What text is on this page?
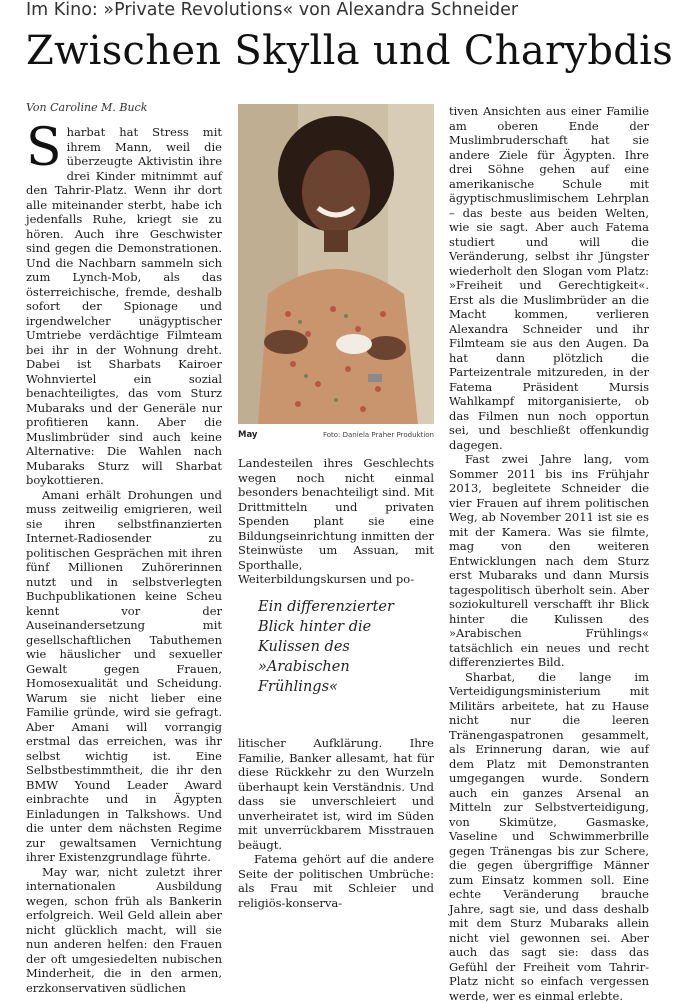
Im Kino: »Private Revolutions« von Alexandra Schneider
Zwischen Skylla und Charybdis
Von Caroline M. Buck

Sharbat hat Stress mit ihrem Mann, weil die überzeugte Aktivistin ihre drei Kinder mitnimmt auf den Tahrir-Platz. Wenn ihr dort alle miteinander sterbt, habe ich jedenfalls Ruhe, kriegt sie zu hören. Auch ihre Geschwister sind gegen die Demonstrationen. Und die Nachbarn sammeln sich zum Lynch-Mob, als das österreichische, fremde, deshalb sofort der Spionage und irgendwelcher unägyptischer Umtriebe verdächtige Filmteam bei ihr in der Wohnung dreht. Dabei ist Sharbats Kairoer Wohnviertel ein sozial benachteiligtes, das vom Sturz Mubaraks und der Generäle nur profitieren kann. Aber die Muslimbrüder sind auch keine Alternative: Die Wahlen nach Mubaraks Sturz will Sharbat boykottieren.

Amani erhält Drohungen und muss zeitweilig emigrieren, weil sie ihren selbstfinanzierten Internet-Radiosender zu politischen Gesprächen mit ihren fünf Millionen Zuhörerinnen nutzt und in selbstverlegten Buchpublikationen keine Scheu kennt vor der Auseinandersetzung mit gesellschaftlichen Tabuthemen wie häuslicher und sexueller Gewalt gegen Frauen, Homosexualität und Scheidung. Warum sie nicht lieber eine Familie gründe, wird sie gefragt. Aber Amani will vorrangig erstmal das erreichen, was ihr selbst wichtig ist. Eine Selbstbestimmtheit, die ihr den BMW Yound Leader Award einbrachte und in Ägypten Einladungen in Talkshows. Und die unter dem nächsten Regime zur gewaltsamen Vernichtung ihrer Existenzgrundlage führte.

May war, nicht zuletzt ihrer internationalen Ausbildung wegen, schon früh als Bankerin erfolgreich. Weil Geld allein aber nicht glücklich macht, will sie nun anderen helfen: den Frauen der oft umgesiedelten nubischen Minderheit, die in den armen, erzkonservativen südlichen

May	Foto: Daniela Praher Produktion

Landesteilen ihres Geschlechts wegen noch nicht einmal besonders benachteiligt sind. Mit Drittmitteln und privaten Spenden plant sie eine Bildungseinrichtung inmitten der Steinwüste um Assuan, mit Sporthalle, Weiterbildungskursen und po-

Ein differenzierter Blick hinter die Kulissen des »Arabischen Frühlings«

litischer Aufklärung. Ihre Familie, Banker allesamt, hat für diese Rückkehr zu den Wurzeln überhaupt kein Verständnis. Und dass sie unverschleiert und unverheiratet ist, wird im Süden mit unverrückbarem Misstrauen beäugt.

Fatema gehört auf die andere Seite der politischen Umbrüche: als Frau mit Schleier und religiös-konserva-

tiven Ansichten aus einer Familie am oberen Ende der Muslimbruderschaft hat sie andere Ziele für Ägypten. Ihre drei Söhne gehen auf eine amerikanische Schule mit ägyptischmuslimischem Lehrplan – das beste aus beiden Welten, wie sie sagt. Aber auch Fatema studiert und will die Veränderung, selbst ihr Jüngster wiederholt den Slogan vom Platz: »Freiheit und Gerechtigkeit«. Erst als die Muslimbrüder an die Macht kommen, verlieren Alexandra Schneider und ihr Filmteam sie aus den Augen. Da hat dann plötzlich die Parteizentrale mitzureden, in der Fatema Präsident Mursis Wahlkampf mitorganisierte, ob das Filmen nun noch opportun sei, und beschließt offenkundig dagegen.

Fast zwei Jahre lang, vom Sommer 2011 bis ins Frühjahr 2013, begleitete Schneider die vier Frauen auf ihrem politischen Weg, ab November 2011 ist sie es mit der Kamera. Was sie filmte, mag von den weiteren Entwicklungen nach dem Sturz erst Mubaraks und dann Mursis tagespolitisch überholt sein. Aber soziokulturell verschafft ihr Blick hinter die Kulissen des »Arabischen Frühlings« tatsächlich ein neues und recht differenziertes Bild.

Sharbat, die lange im Verteidigungsministerium mit Militärs arbeitete, hat zu Hause nicht nur die leeren Tränengaspatronen gesammelt, als Erinnerung daran, wie auf dem Platz mit Demonstranten umgegangen wurde. Sondern auch ein ganzes Arsenal an Mitteln zur Selbstverteidigung, von Skimütze, Gasmaske, Vaseline und Schwimmerbrille gegen Tränengas bis zur Schere, die gegen übergriffige Männer zum Einsatz kommen soll. Eine echte Veränderung brauche Jahre, sagt sie, und dass deshalb mit dem Sturz Mubaraks allein nicht viel gewonnen sei. Aber auch das sagt sie: dass das Gefühl der Freiheit vom Tahrir-Platz nicht so einfach vergessen werde, wer es einmal erlebte.
